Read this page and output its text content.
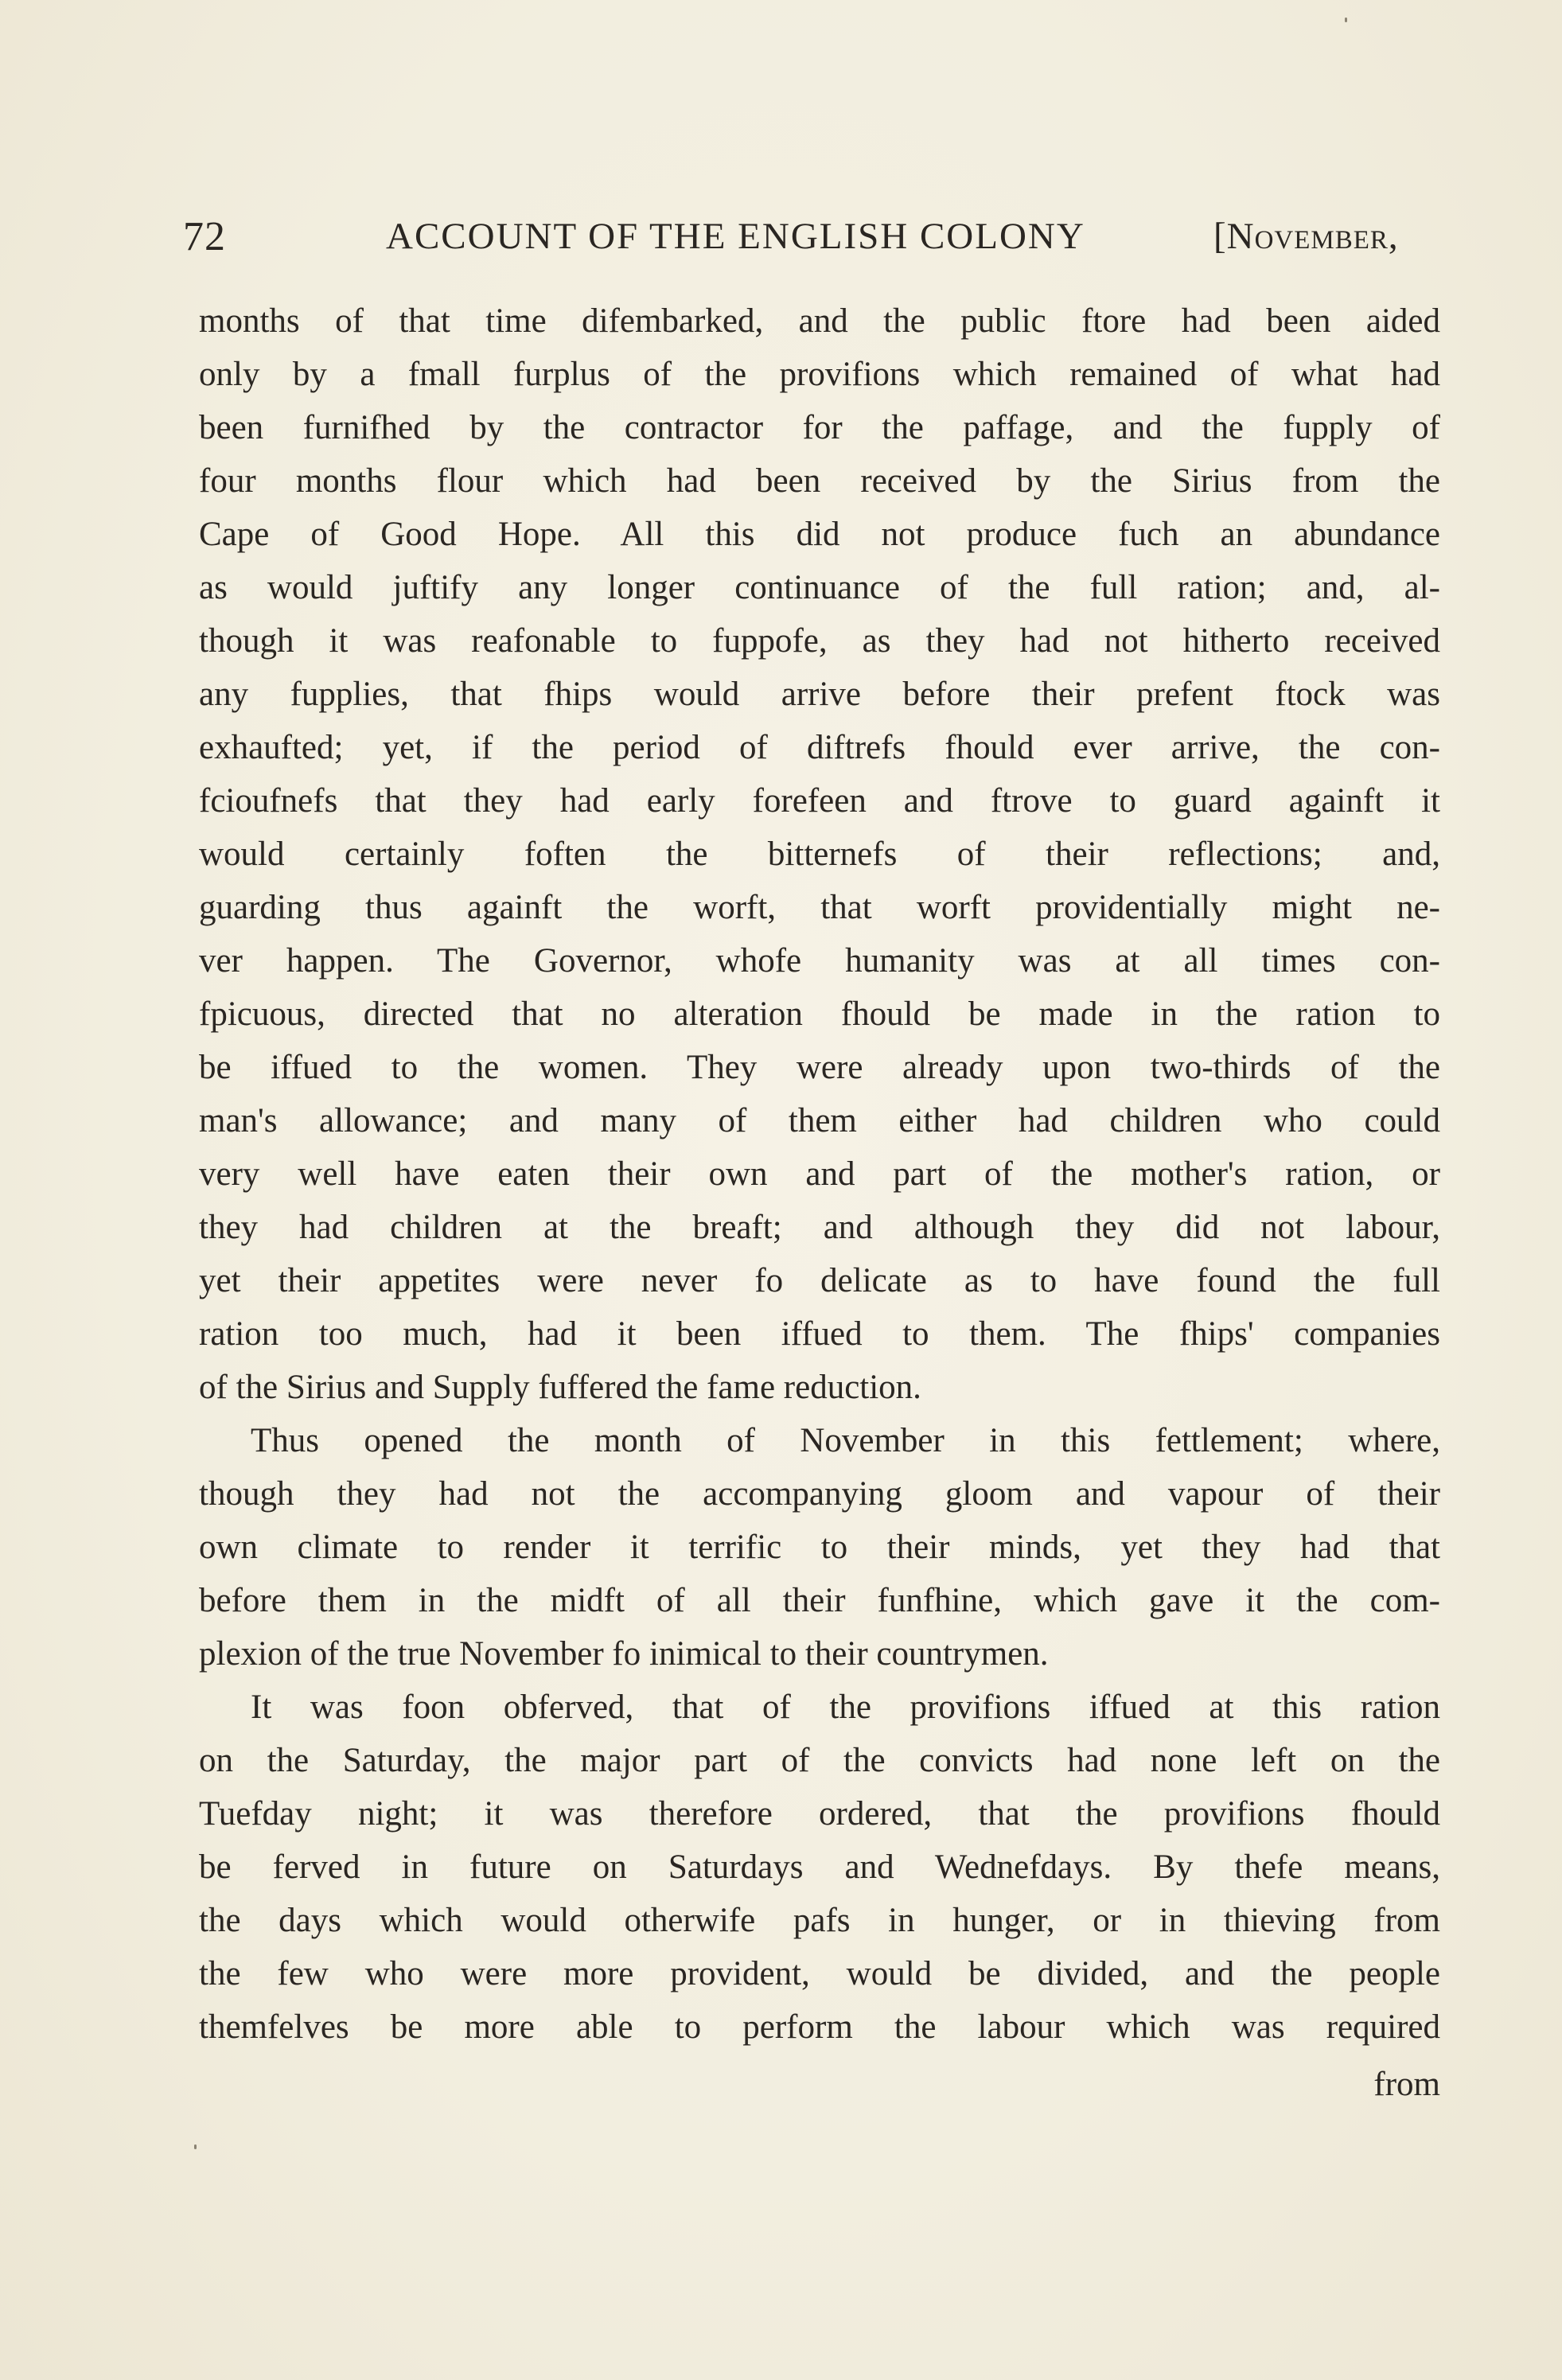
72	ACCOUNT OF THE ENGLISH COLONY	[November,
months of that time difembarked, and the public ftore had been aided
only by a fmall furplus of the provifions which remained of what had
been furnifhed by the contractor for the paffage, and the fupply of
four months flour which had been received by the Sirius from the
Cape of Good Hope. All this did not produce fuch an abundance
as would juftify any longer continuance of the full ration; and, al-
though it was reafonable to fuppofe, as they had not hitherto received
any fupplies, that fhips would arrive before their prefent ftock was
exhaufted; yet, if the period of diftrefs fhould ever arrive, the con-
fcioufnefs that they had early forefeen and ftrove to guard againft it
would certainly foften the bitternefs of their reflections; and,
guarding thus againft the worft, that worft providentially might ne-
ver happen. The Governor, whofe humanity was at all times con-
fpicuous, directed that no alteration fhould be made in the ration to
be iffued to the women. They were already upon two-thirds of the
man's allowance; and many of them either had children who could
very well have eaten their own and part of the mother's ration, or
they had children at the breaft; and although they did not labour,
yet their appetites were never fo delicate as to have found the full
ration too much, had it been iffued to them. The fhips' companies
of the Sirius and Supply fuffered the fame reduction.
Thus opened the month of November in this fettlement; where,
though they had not the accompanying gloom and vapour of their
own climate to render it terrific to their minds, yet they had that
before them in the midft of all their funfhine, which gave it the com-
plexion of the true November fo inimical to their countrymen.
It was foon obferved, that of the provifions iffued at this ration
on the Saturday, the major part of the convicts had none left on the
Tuefday night; it was therefore ordered, that the provifions fhould
be ferved in future on Saturdays and Wednefdays. By thefe means,
the days which would otherwife pafs in hunger, or in thieving from
the few who were more provident, would be divided, and the people
themfelves be more able to perform the labour which was required
from
